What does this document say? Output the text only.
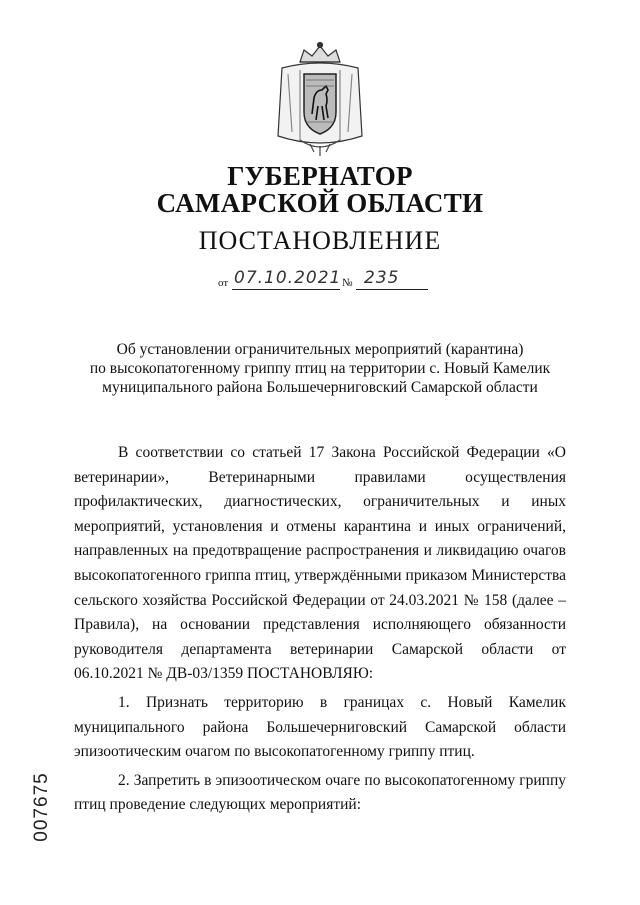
ГУБЕРНАТОР
САМАРСКОЙ ОБЛАСТИ
ПОСТАНОВЛЕНИЕ
от 07.10.2021 № 235
Об установлении ограничительных мероприятий (карантина)
по высокопатогенному гриппу птиц на территории с. Новый Камелик
муниципального района Большечерниговский Самарской области

В соответствии со статьей 17 Закона Российской Федерации «О ветеринарии», Ветеринарными правилами осуществления профилактических, диагностических, ограничительных и иных мероприятий, установления и отмены карантина и иных ограничений, направленных на предотвращение распространения и ликвидацию очагов высокопатогенного гриппа птиц, утверждёнными приказом Министерства сельского хозяйства Российской Федерации от 24.03.2021 № 158 (далее – Правила), на основании представления исполняющего обязанности руководителя департамента ветеринарии Самарской области от 06.10.2021 № ДВ-03/1359 ПОСТАНОВЛЯЮ:

1. Признать территорию в границах с. Новый Камелик муниципального района Большечерниговский Самарской области эпизоотическим очагом по высокопатогенному гриппу птиц.

2. Запретить в эпизоотическом очаге по высокопатогенному гриппу птиц проведение следующих мероприятий:

007675
